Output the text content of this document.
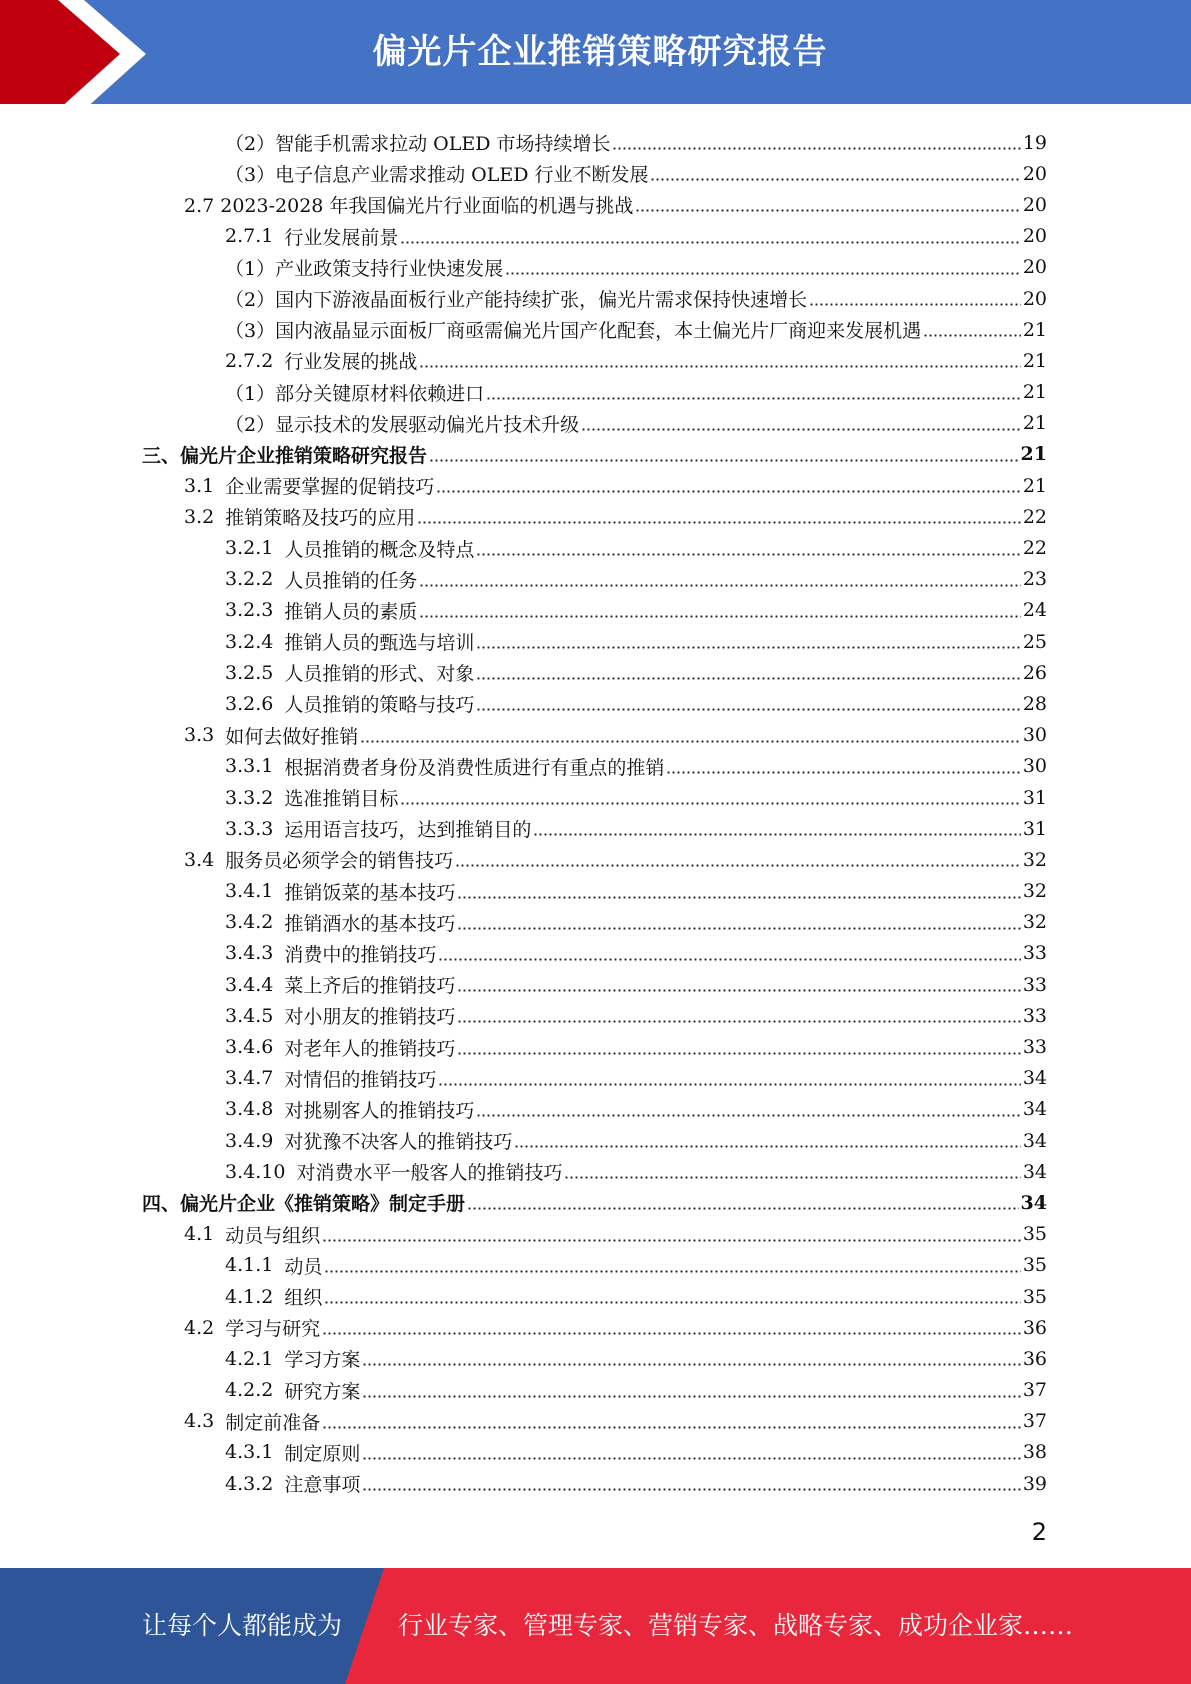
偏光片企业推销策略研究报告
（2）智能手机需求拉动 OLED 市场持续增长	19
（3）电子信息产业需求推动 OLED 行业不断发展	20
2.7 2023-2028 年我国偏光片行业面临的机遇与挑战	20
2.7.1 行业发展前景	20
（1）产业政策支持行业快速发展	20
（2）国内下游液晶面板行业产能持续扩张，偏光片需求保持快速增长	20
（3）国内液晶显示面板厂商亟需偏光片国产化配套，本土偏光片厂商迎来发展机遇	21
2.7.2 行业发展的挑战	21
（1）部分关键原材料依赖进口	21
（2）显示技术的发展驱动偏光片技术升级	21
三、偏光片企业推销策略研究报告	21
3.1 企业需要掌握的促销技巧	21
3.2 推销策略及技巧的应用	22
3.2.1 人员推销的概念及特点	22
3.2.2 人员推销的任务	23
3.2.3 推销人员的素质	24
3.2.4 推销人员的甄选与培训	25
3.2.5 人员推销的形式、对象	26
3.2.6 人员推销的策略与技巧	28
3.3 如何去做好推销	30
3.3.1 根据消费者身份及消费性质进行有重点的推销	30
3.3.2 选准推销目标	31
3.3.3 运用语言技巧，达到推销目的	31
3.4 服务员必须学会的销售技巧	32
3.4.1 推销饭菜的基本技巧	32
3.4.2 推销酒水的基本技巧	32
3.4.3 消费中的推销技巧	33
3.4.4 菜上齐后的推销技巧	33
3.4.5 对小朋友的推销技巧	33
3.4.6 对老年人的推销技巧	33
3.4.7 对情侣的推销技巧	34
3.4.8 对挑剔客人的推销技巧	34
3.4.9 对犹豫不决客人的推销技巧	34
3.4.10 对消费水平一般客人的推销技巧	34
四、偏光片企业《推销策略》制定手册	34
4.1 动员与组织	35
4.1.1 动员	35
4.1.2 组织	35
4.2 学习与研究	36
4.2.1 学习方案	36
4.2.2 研究方案	37
4.3 制定前准备	37
4.3.1 制定原则	38
4.3.2 注意事项	39
2
让每个人都能成为 行业专家、管理专家、营销专家、战略专家、成功企业家……
